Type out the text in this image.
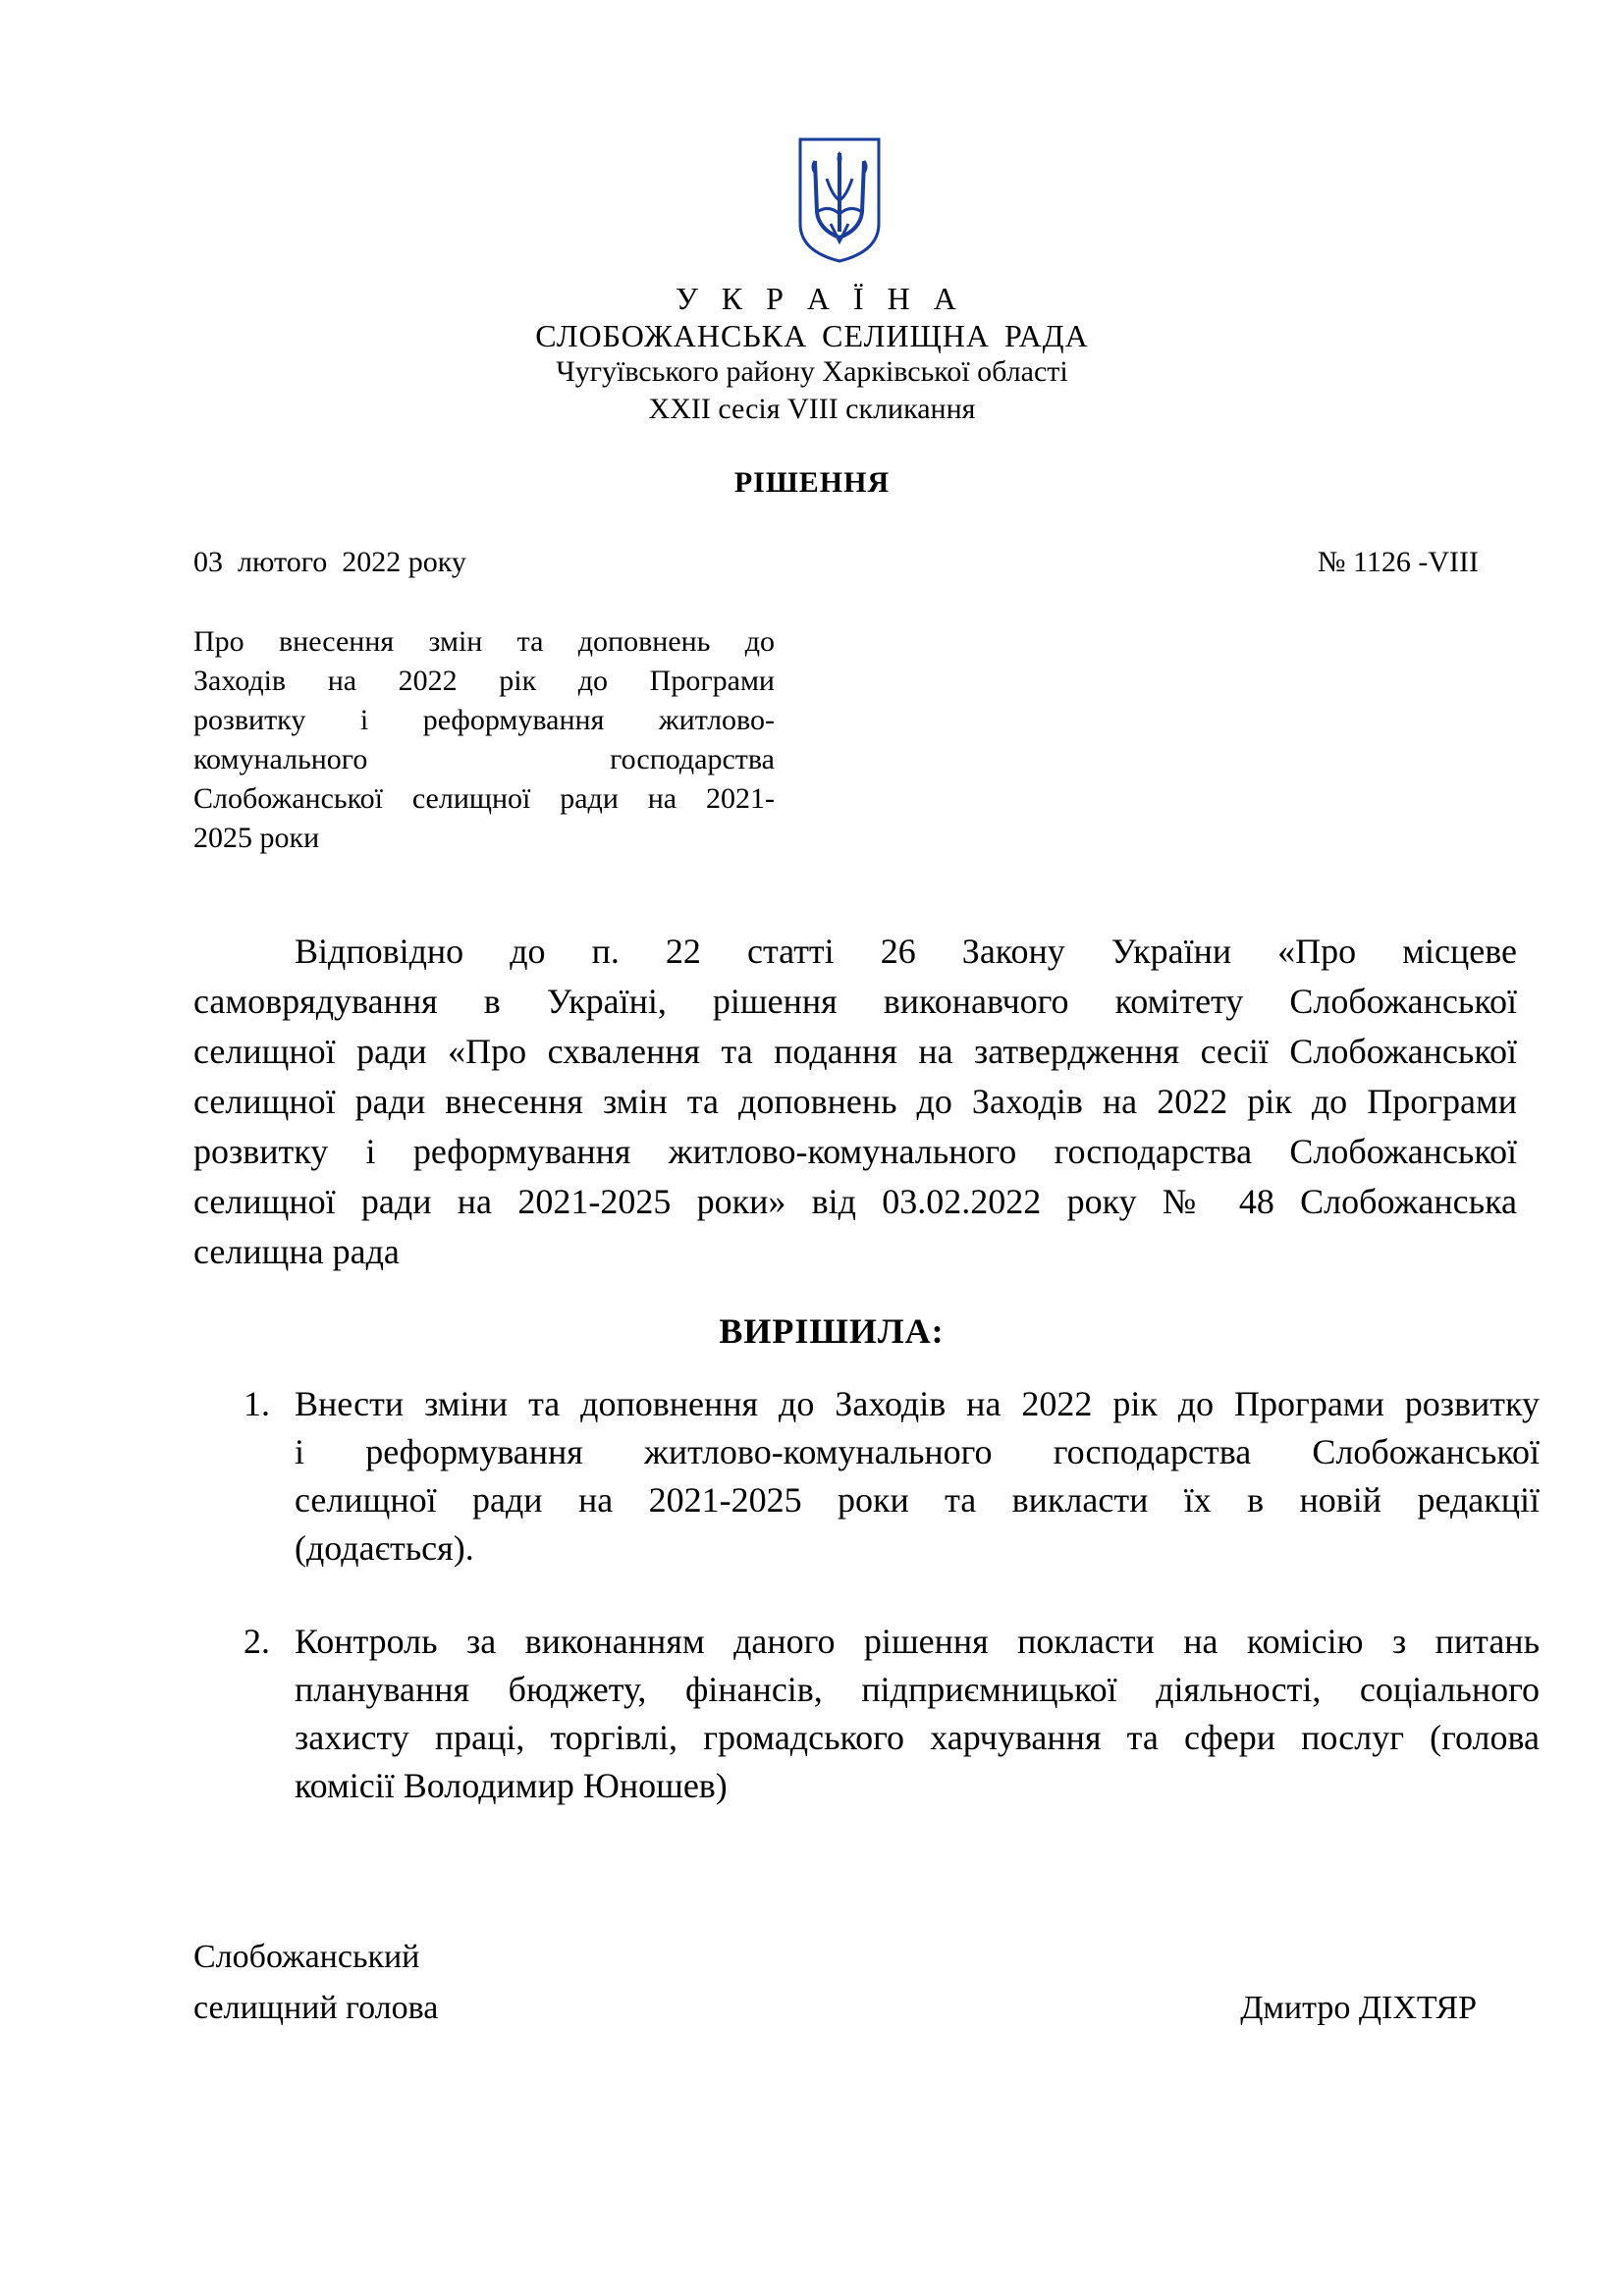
У К Р А Ї Н А
СЛОБОЖАНСЬКА СЕЛИЩНА РАДА
Чугуївського району Харківської області
XXII сесія VIII скликання
РІШЕННЯ
03  лютого  2022 року	№ 1126 -VIII
Про внесення змін та доповнень до
Заходів на 2022 рік до Програми
розвитку і реформування житлово-
комунального господарства
Слобожанської селищної ради на 2021-
2025 роки
Відповідно до п. 22 статті 26 Закону України «Про місцеве
самоврядування в Україні, рішення виконавчого комітету Слобожанської
селищної ради «Про схвалення та подання на затвердження сесії Слобожанської
селищної ради внесення змін та доповнень до Заходів на 2022 рік до Програми
розвитку і реформування житлово-комунального господарства Слобожанської
селищної ради на 2021-2025 роки» від 03.02.2022 року № 48 Слобожанська
селищна рада
ВИРІШИЛА:
1. Внести зміни та доповнення до Заходів на 2022 рік до Програми розвитку
і реформування житлово-комунального господарства Слобожанської
селищної ради на 2021-2025 роки та викласти їх в новій редакції
(додається).
2. Контроль за виконанням даного рішення покласти на комісію з питань
планування бюджету, фінансів, підприємницької діяльності, соціального
захисту праці, торгівлі, громадського харчування та сфери послуг (голова
комісії Володимир Юношев)
Слобожанський
селищний голова	Дмитро ДІХТЯР
